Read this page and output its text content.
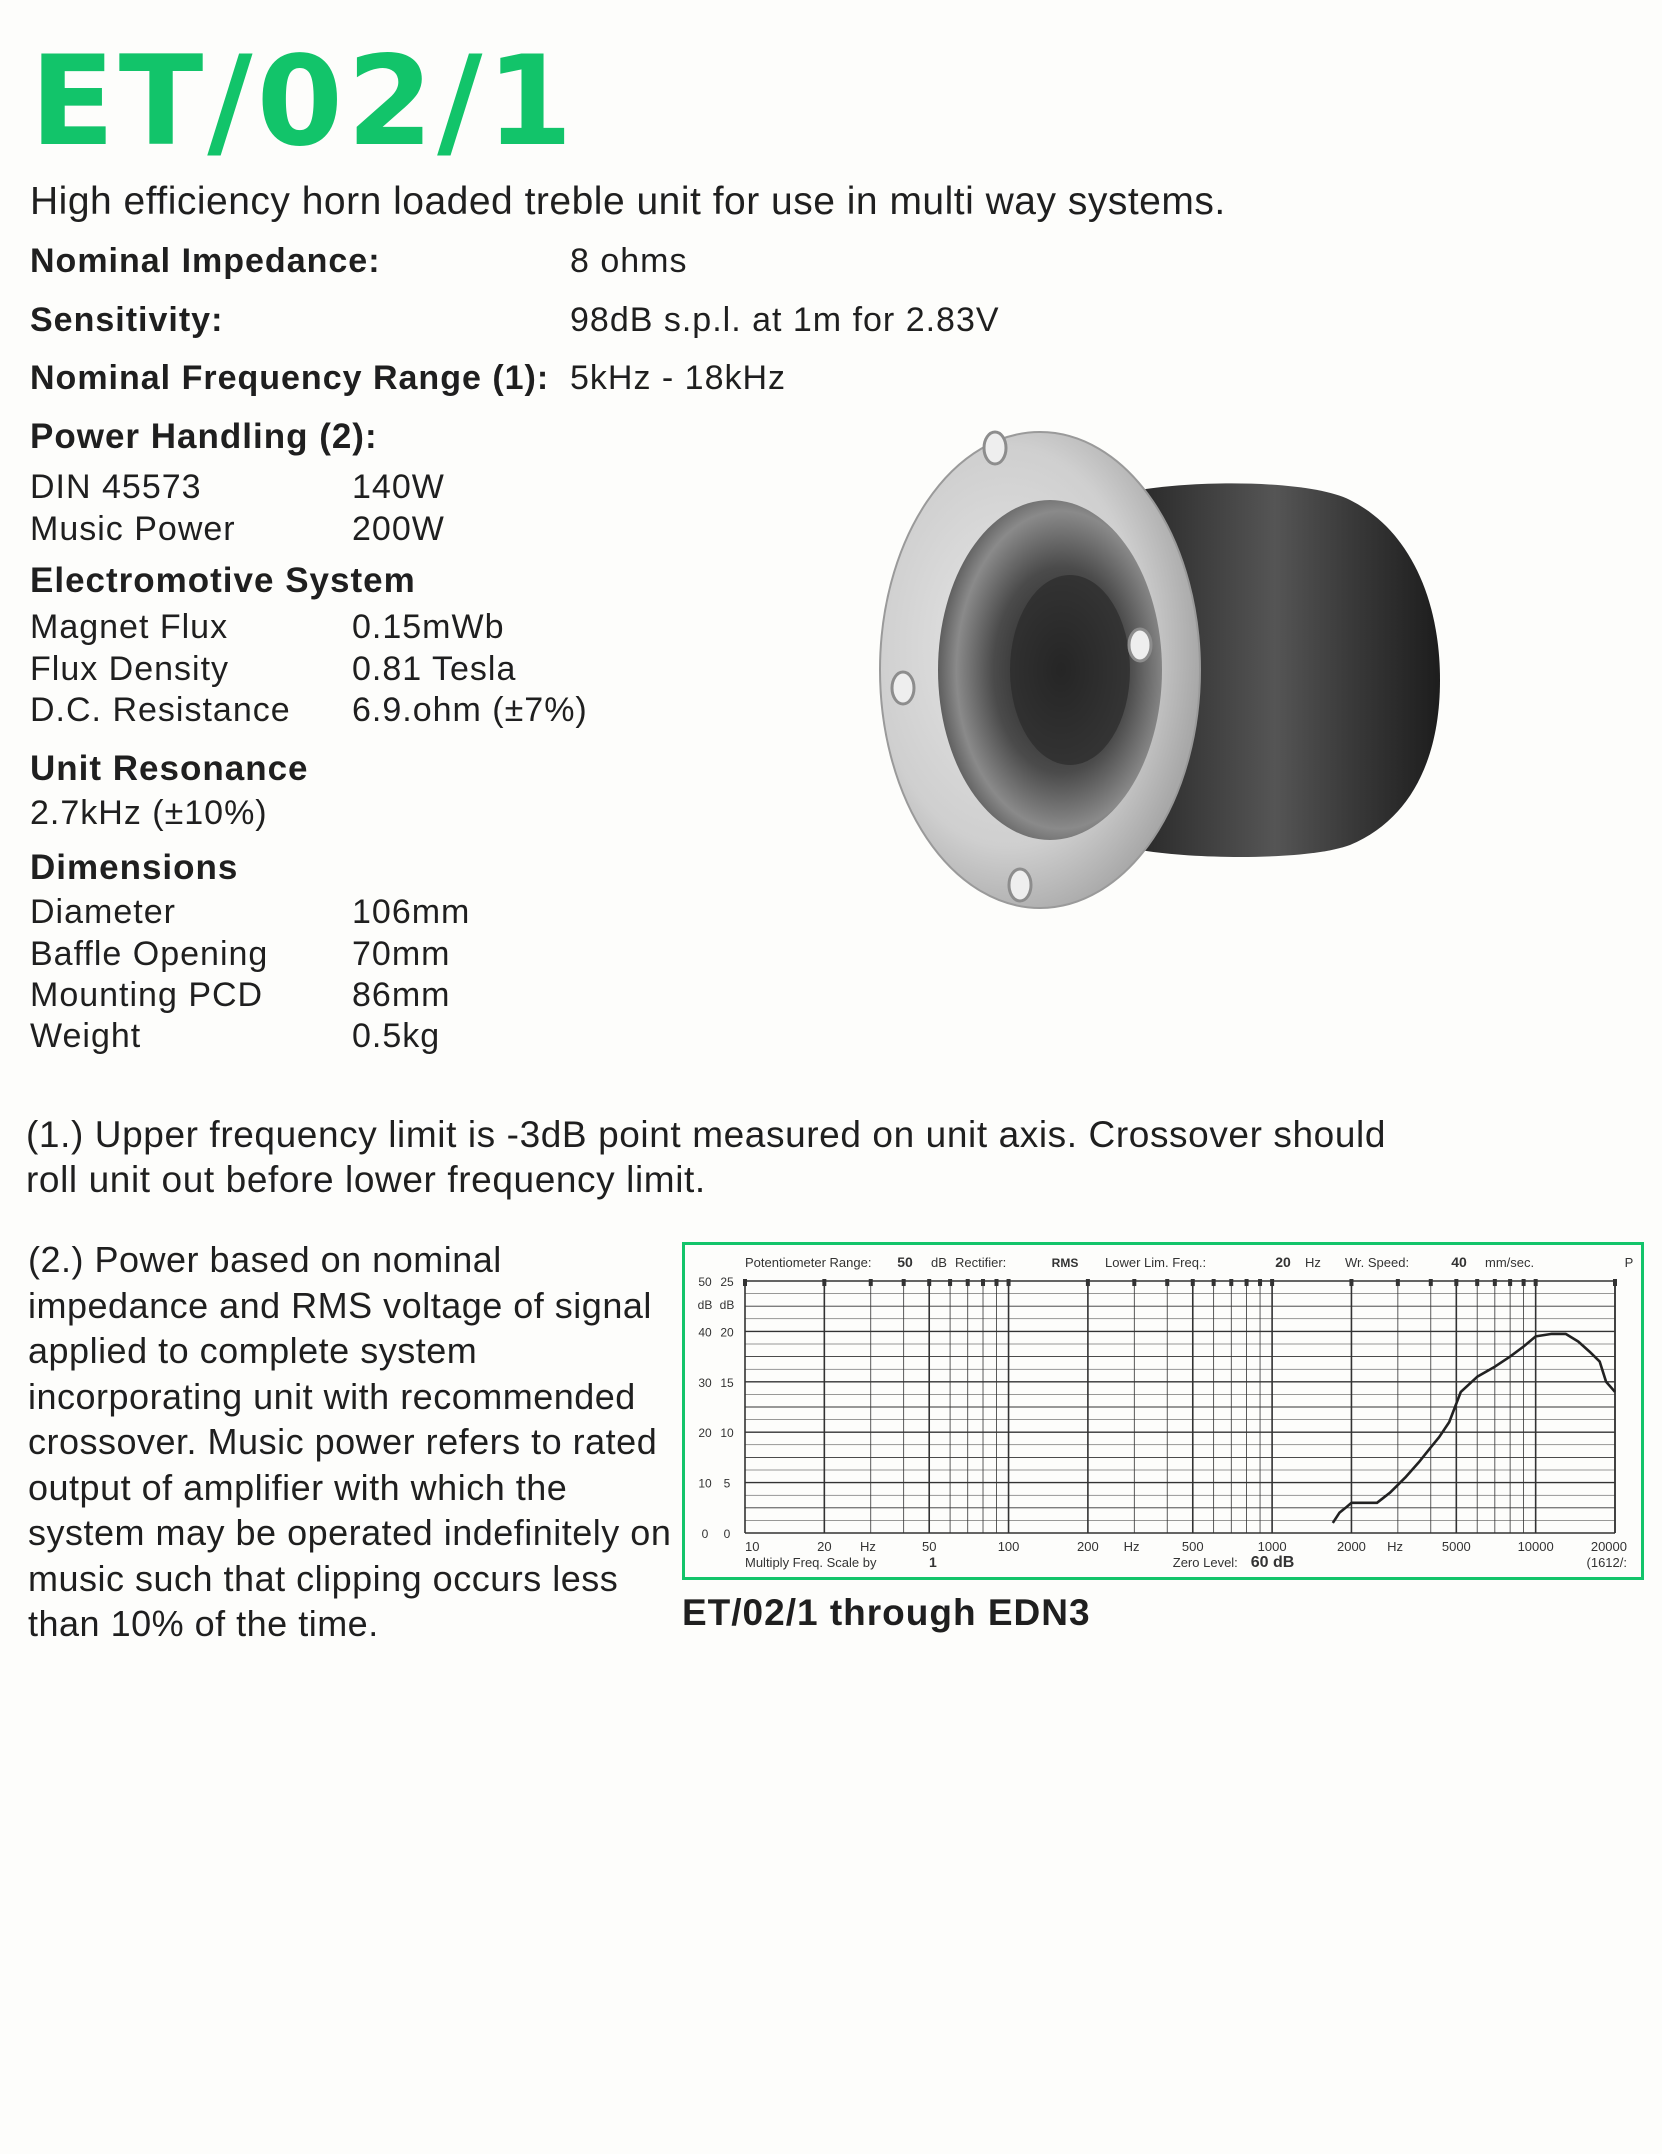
ET/02/1
High efficiency horn loaded treble unit for use in multi way systems.
Nominal Impedance:	8 ohms
Sensitivity:	98dB s.p.l. at 1m for 2.83V
Nominal Frequency Range (1): 5kHz - 18kHz
Power Handling (2):
DIN 45573	140W
Music Power	200W
Electromotive System
Magnet Flux	0.15mWb
Flux Density	0.81 Tesla
D.C. Resistance 6.9.ohm (±7%)
Unit Resonance
2.7kHz (±10%)
Dimensions
Diameter	106mm
Baffle Opening 70mm
Mounting PCD	86mm
Weight	0.5kg
(1.) Upper frequency limit is -3dB point measured on unit axis. Crossover should roll unit out before lower frequency limit.
(2.) Power based on nominal impedance and RMS voltage of signal applied to complete system incorporating unit with recommended crossover. Music power refers to rated output of amplifier with which the system may be operated indefinitely on music such that clipping occurs less than 10% of the time.
Potentiometer Range: 50 dB Rectifier:	RMS Lower Lim. Freq.:	20 Hz Wr. Speed:	40 mm/sec.	P
50 25
40 20
30 15
20 10
10 5
0 0
dB dB
10	20	50	100	200	500	1000	2000	5000	10000	20000
Hz	Hz	Hz
Multiply Freq. Scale by	1	Zero Level: 60 dB	(1612/:
ET/02/1 through EDN3
